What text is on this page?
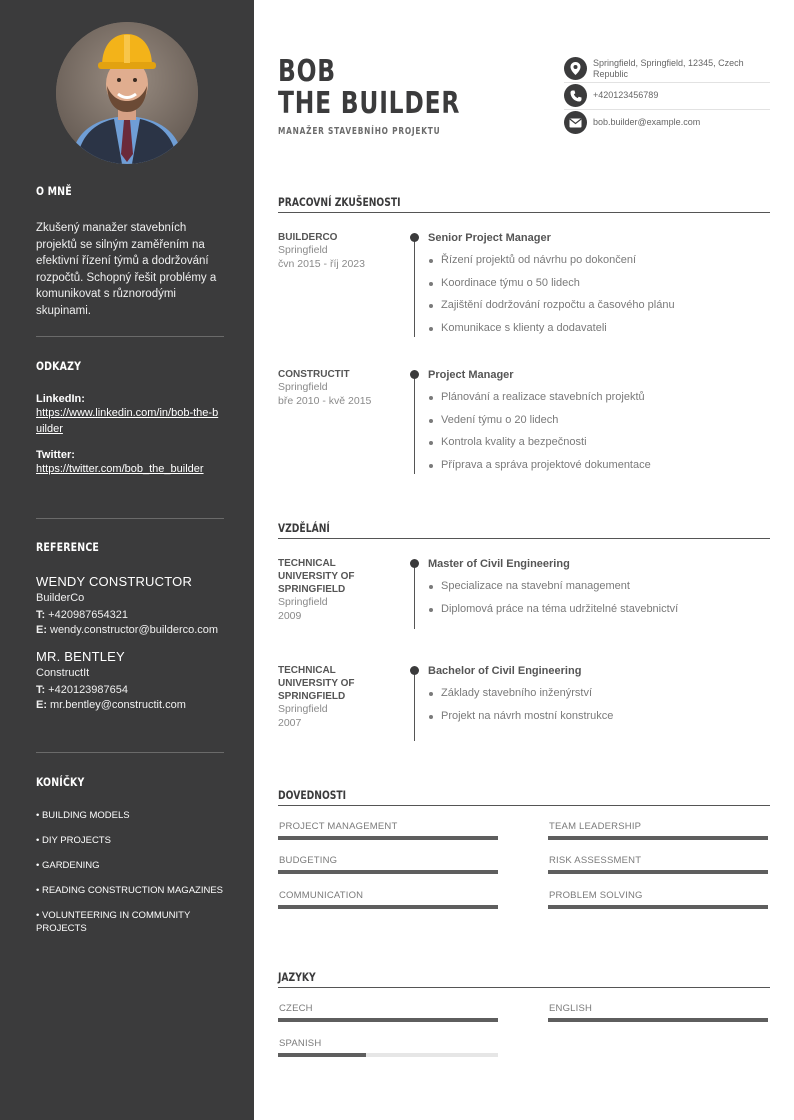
O MNĚ
Zkušený manažer stavebních projektů se silným zaměřením na efektivní řízení týmů a dodržování rozpočtů. Schopný řešit problémy a komunikovat s různorodými skupinami.
ODKAZY
LinkedIn:
https://www.linkedin.com/in/bob-the-builder
Twitter:
https://twitter.com/bob_the_builder
REFERENCE
WENDY CONSTRUCTOR
BuilderCo
T: +420987654321
E: wendy.constructor@builderco.com
MR. BENTLEY
ConstructIt
T: +420123987654
E: mr.bentley@constructit.com
KONÍČKY
• BUILDING MODELS
• DIY PROJECTS
• GARDENING
• READING CONSTRUCTION MAGAZINES
• VOLUNTEERING IN COMMUNITY PROJECTS
BOB
THE BUILDER
MANAŽER STAVEBNÍHO PROJEKTU
Springfield, Springfield, 12345, Czech Republic
+420123456789
bob.builder@example.com
PRACOVNÍ ZKUŠENOSTI
BUILDERCO
Springfield
čvn 2015 - říj 2023
Senior Project Manager
Řízení projektů od návrhu po dokončení
Koordinace týmu o 50 lidech
Zajištění dodržování rozpočtu a časového plánu
Komunikace s klienty a dodavateli
CONSTRUCTIT
Springfield
bře 2010 - kvě 2015
Project Manager
Plánování a realizace stavebních projektů
Vedení týmu o 20 lidech
Kontrola kvality a bezpečnosti
Příprava a správa projektové dokumentace
VZDĚLÁNÍ
TECHNICAL UNIVERSITY OF SPRINGFIELD
Springfield
2009
Master of Civil Engineering
Specializace na stavební management
Diplomová práce na téma udržitelné stavebnictví
TECHNICAL UNIVERSITY OF SPRINGFIELD
Springfield
2007
Bachelor of Civil Engineering
Základy stavebního inženýrství
Projekt na návrh mostní konstrukce
DOVEDNOSTI
PROJECT MANAGEMENT	TEAM LEADERSHIP
BUDGETING	RISK ASSESSMENT
COMMUNICATION	PROBLEM SOLVING
JAZYKY
CZECH	ENGLISH
SPANISH
